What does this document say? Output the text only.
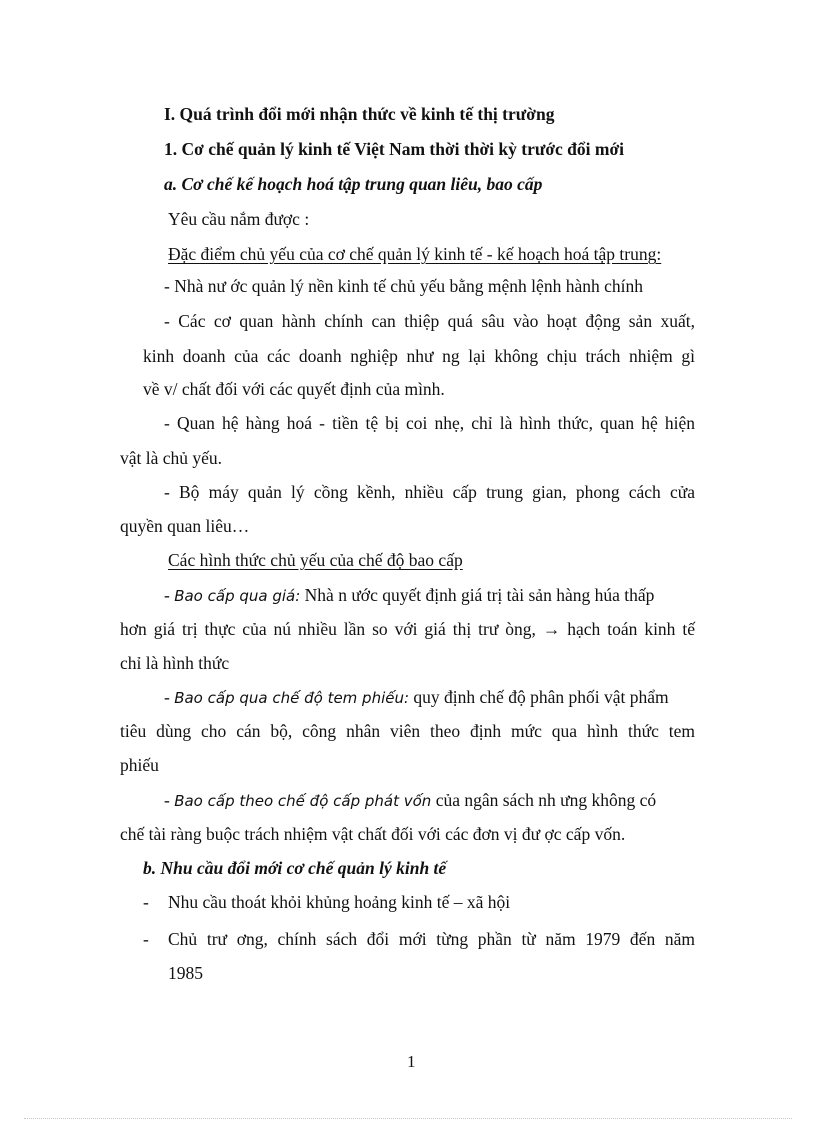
I. Quá trình đổi mới nhận thức về kinh tế thị trường
1. Cơ chế quản lý kinh tế Việt Nam thời thời kỳ trước đổi mới
a. Cơ chế kế hoạch hoá tập trung quan liêu, bao cấp
Yêu cầu nắm được :
Đặc điểm chủ yếu của cơ chế quản lý kinh tế - kế hoạch hoá tập trung:
- Nhà nư ớc quản lý nền kinh tế chủ yếu bằng mệnh lệnh hành chính
- Các cơ quan hành chính can thiệp quá sâu vào hoạt động sản xuất,
kinh doanh của các doanh nghiệp như ng lại không chịu trách nhiệm gì
về v/ chất đối với các quyết định của mình.
- Quan hệ hàng hoá - tiền tệ bị coi nhẹ, chỉ là hình thức, quan hệ hiện
vật là chủ yếu.
- Bộ máy quản lý cồng kềnh, nhiều cấp trung gian, phong cách cửa
quyền quan liêu…
Các hình thức chủ yếu của chế độ bao cấp
- Bao cấp qua giá: Nhà n ước quyết định giá trị tài sản hàng húa thấp
hơn giá trị thực của nú nhiều lần so với giá thị trư òng, → hạch toán kinh tế
chỉ là hình thức
- Bao cấp qua chế độ tem phiếu: quy định chế độ phân phối vật phẩm
tiêu dùng cho cán bộ, công nhân viên theo định mức qua hình thức tem
phiếu
- Bao cấp theo chế độ cấp phát vốn của ngân sách nh ưng không có
chế tài ràng buộc trách nhiệm vật chất đối với các đơn vị đư ợc cấp vốn.
b. Nhu cầu đổi mới cơ chế quản lý kinh tế
- Nhu cầu thoát khỏi khủng hoảng kinh tế – xã hội
- Chủ trư ơng, chính sách đổi mới từng phần từ năm 1979 đến năm
1985
1
